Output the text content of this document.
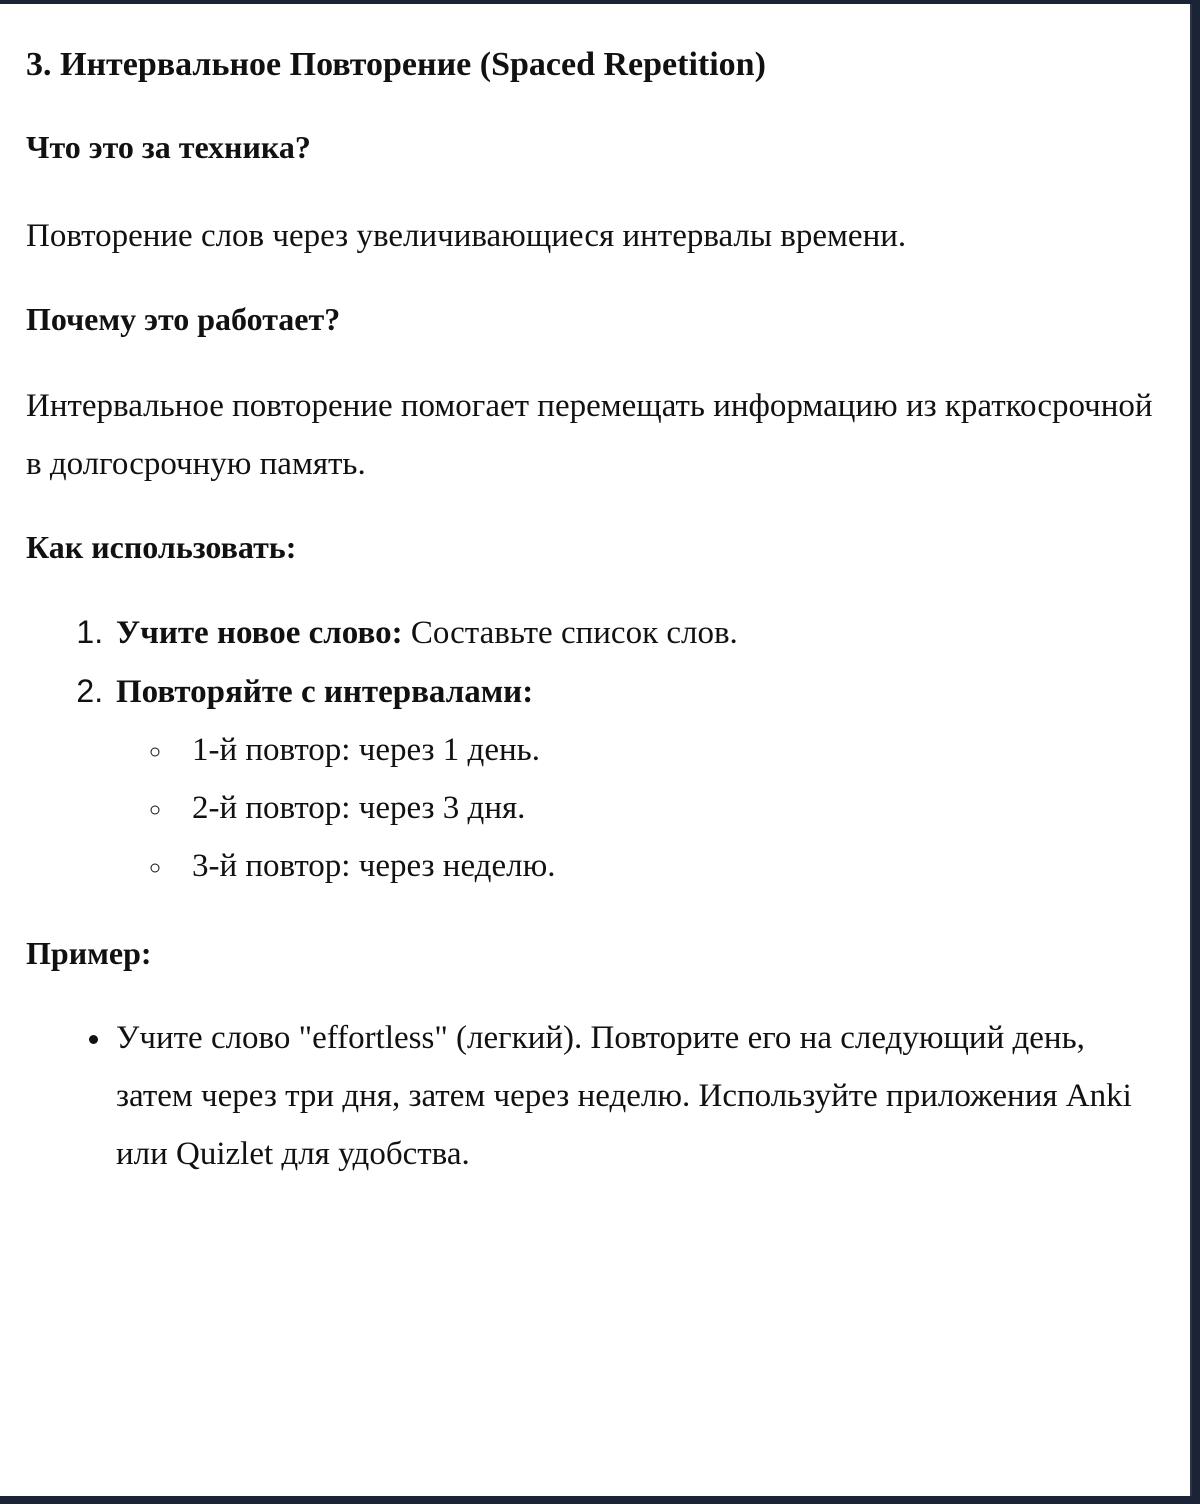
3. Интервальное Повторение (Spaced Repetition)
Что это за техника?

Повторение слов через увеличивающиеся интервалы времени.

Почему это работает?

Интервальное повторение помогает перемещать информацию из краткосрочной в долгосрочную память.

Как использовать:
1. Учите новое слово: Составьте список слов.
2. Повторяйте с интервалами:
◦ 1-й повтор: через 1 день.
◦ 2-й повтор: через 3 дня.
◦ 3-й повтор: через неделю.
Пример:
• Учите слово "effortless" (легкий). Повторите его на следующий день, затем через три дня, затем через неделю. Используйте приложения Anki или Quizlet для удобства.
